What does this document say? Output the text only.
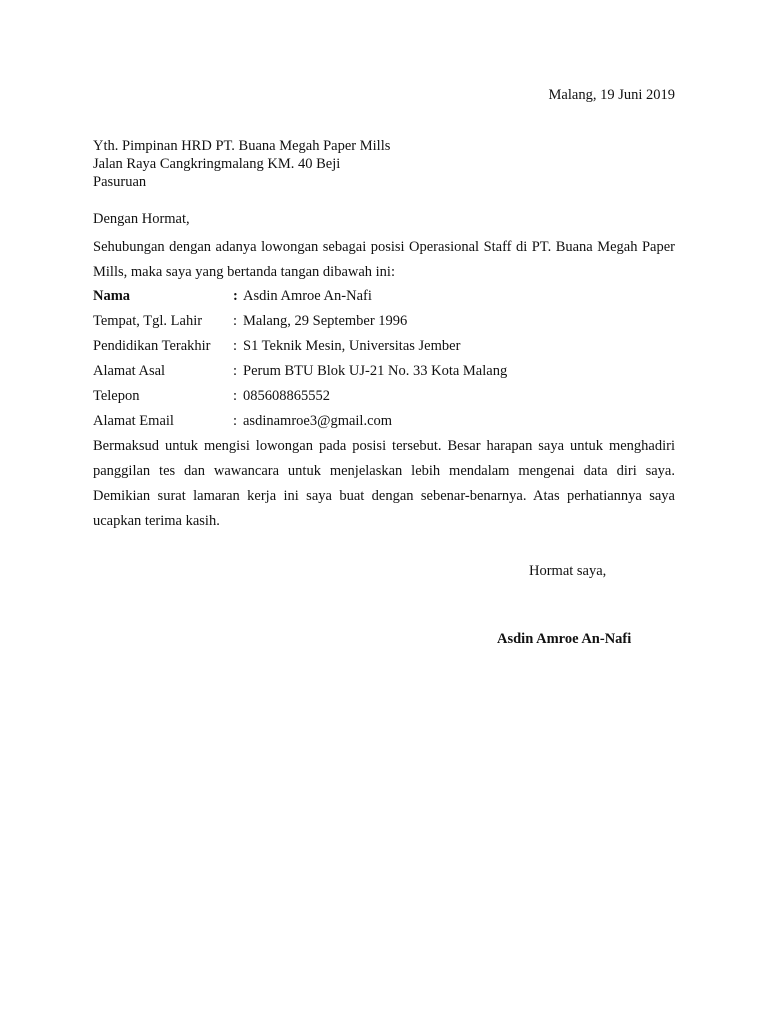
Malang, 19 Juni 2019
Yth. Pimpinan HRD PT. Buana Megah Paper Mills
Jalan Raya Cangkringmalang KM. 40 Beji
Pasuruan
Dengan Hormat,
Sehubungan dengan adanya lowongan sebagai posisi Operasional Staff di PT. Buana Megah Paper Mills, maka saya yang bertanda tangan dibawah ini:
Nama	: Asdin Amroe An-Nafi
Tempat, Tgl. Lahir	: Malang, 29 September 1996
Pendidikan Terakhir	: S1 Teknik Mesin, Universitas Jember
Alamat Asal	: Perum BTU Blok UJ-21 No. 33 Kota Malang
Telepon	: 085608865552
Alamat Email	: asdinamroe3@gmail.com
Bermaksud untuk mengisi lowongan pada posisi tersebut. Besar harapan saya untuk menghadiri panggilan tes dan wawancara untuk menjelaskan lebih mendalam mengenai data diri saya. Demikian surat lamaran kerja ini saya buat dengan sebenar-benarnya. Atas perhatiannya saya ucapkan terima kasih.
Hormat saya,
Asdin Amroe An-Nafi
